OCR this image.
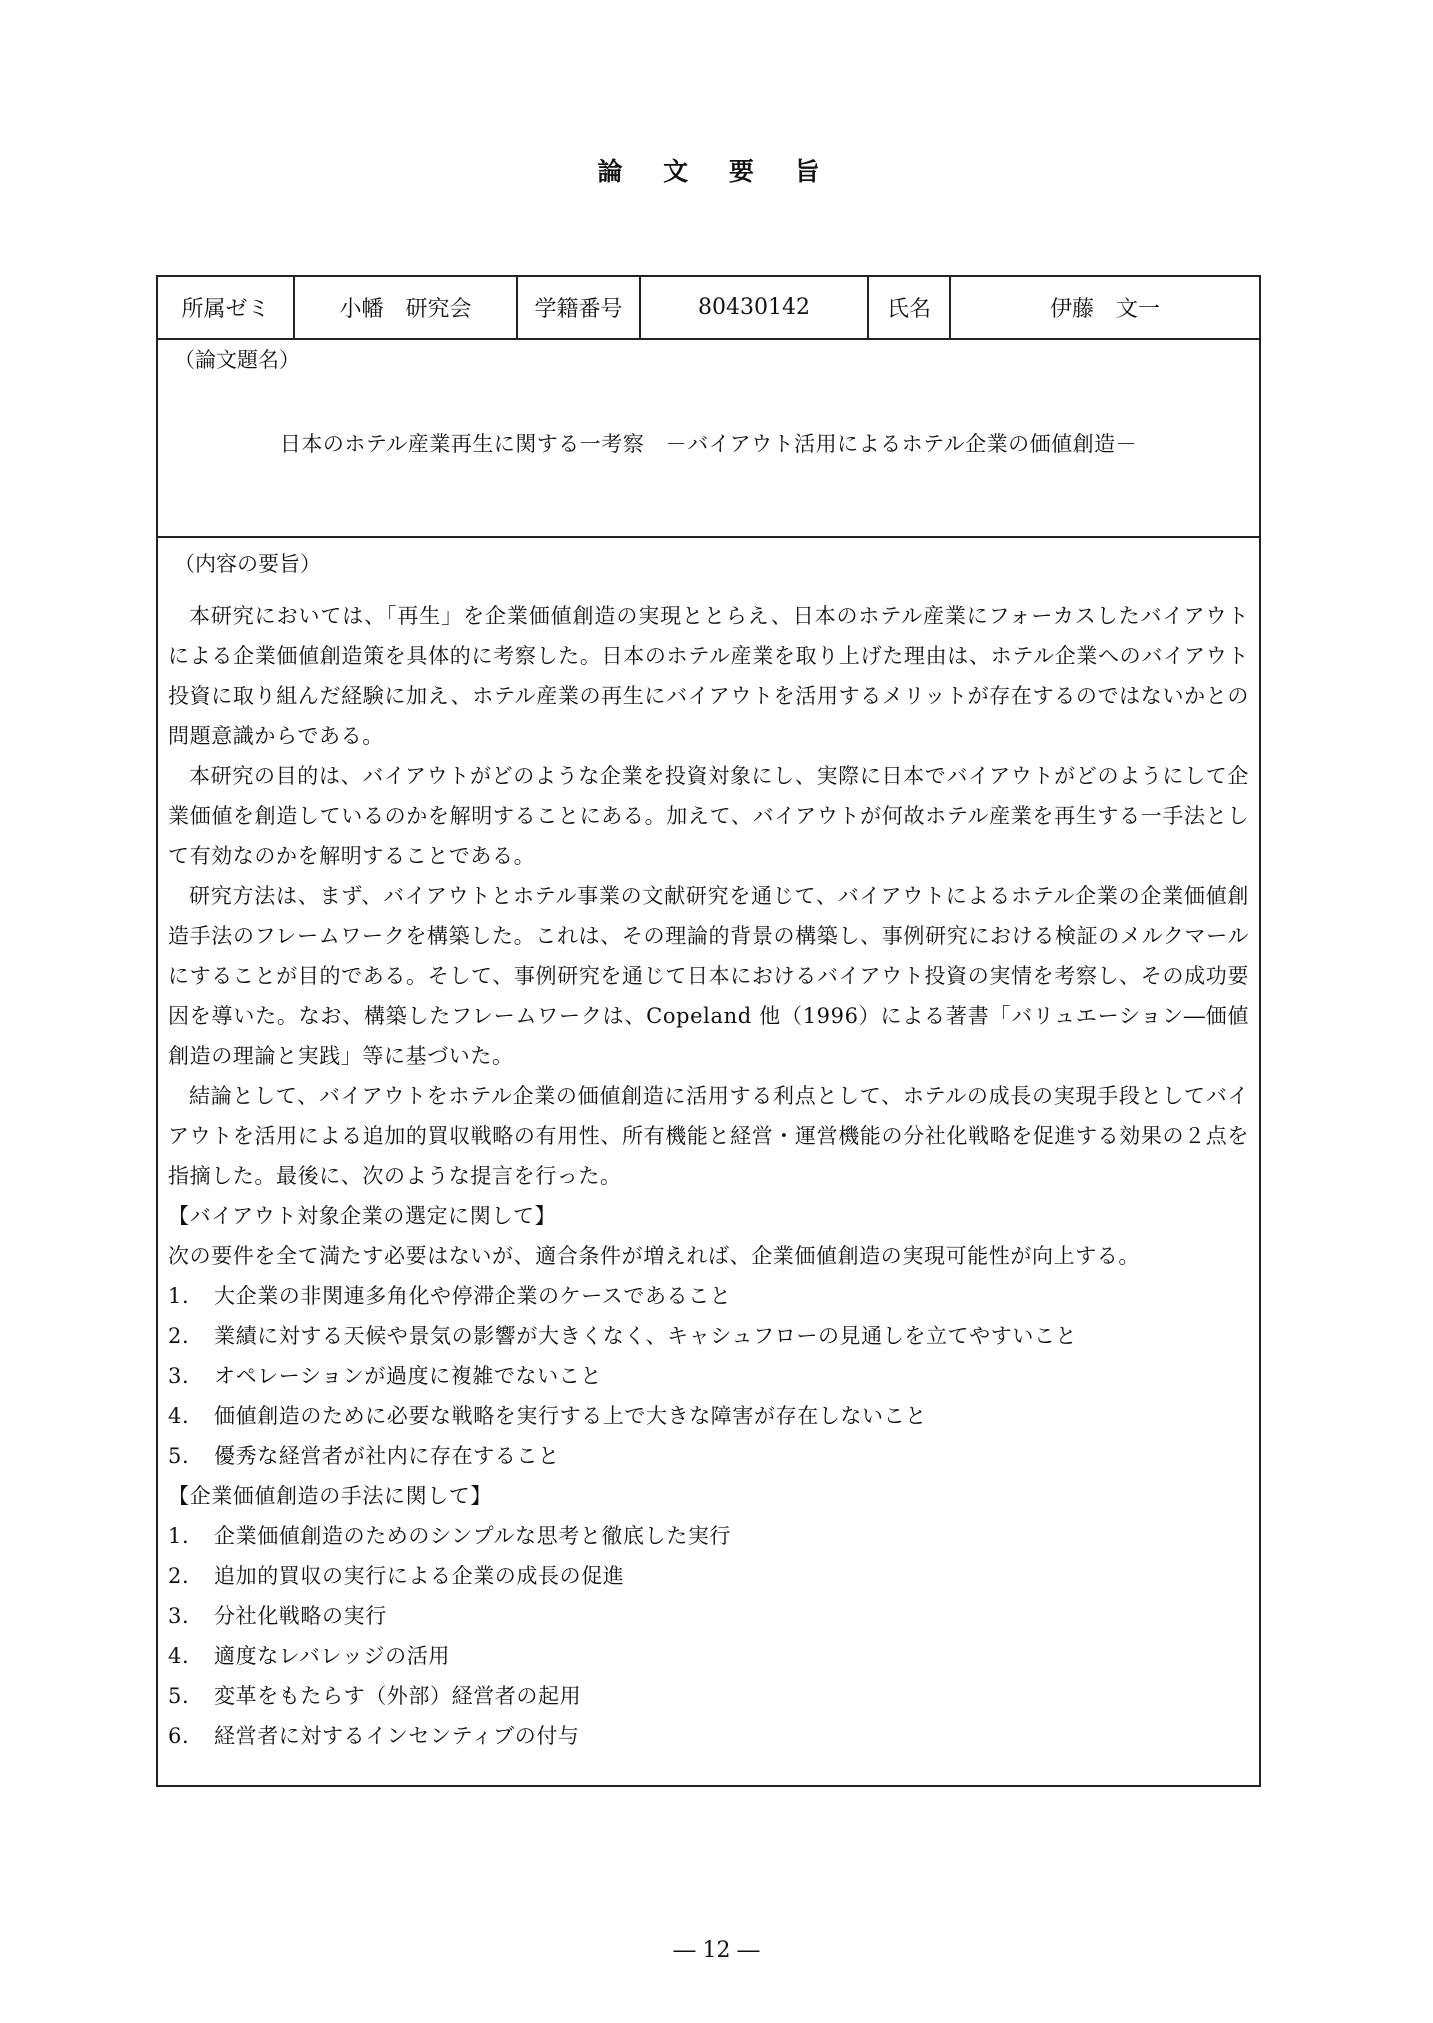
論 文 要 旨
所属ゼミ	小幡　研究会	学籍番号	80430142	氏名	伊藤　文一
（論文題名）
日本のホテル産業再生に関する一考察　－バイアウト活用によるホテル企業の価値創造－
（内容の要旨）

本研究においては、「再生」を企業価値創造の実現ととらえ、日本のホテル産業にフォーカスしたバイアウトによる企業価値創造策を具体的に考察した。日本のホテル産業を取り上げた理由は、ホテル企業へのバイアウト投資に取り組んだ経験に加え、ホテル産業の再生にバイアウトを活用するメリットが存在するのではないかとの問題意識からである。

本研究の目的は、バイアウトがどのような企業を投資対象にし、実際に日本でバイアウトがどのようにして企業価値を創造しているのかを解明することにある。加えて、バイアウトが何故ホテル産業を再生する一手法として有効なのかを解明することである。

研究方法は、まず、バイアウトとホテル事業の文献研究を通じて、バイアウトによるホテル企業の企業価値創造手法のフレームワークを構築した。これは、その理論的背景の構築し、事例研究における検証のメルクマールにすることが目的である。そして、事例研究を通じて日本におけるバイアウト投資の実情を考察し、その成功要因を導いた。なお、構築したフレームワークは、Copeland 他（1996）による著書「バリュエーション―価値創造の理論と実践」等に基づいた。

結論として、バイアウトをホテル企業の価値創造に活用する利点として、ホテルの成長の実現手段としてバイアウトを活用による追加的買収戦略の有用性、所有機能と経営・運営機能の分社化戦略を促進する効果の２点を指摘した。最後に、次のような提言を行った。

【バイアウト対象企業の選定に関して】

次の要件を全て満たす必要はないが、適合条件が増えれば、企業価値創造の実現可能性が向上する。

1.	大企業の非関連多角化や停滞企業のケースであること
2.	業績に対する天候や景気の影響が大きくなく、キャシュフローの見通しを立てやすいこと
3.	オペレーションが過度に複雑でないこと
4.	価値創造のために必要な戦略を実行する上で大きな障害が存在しないこと
5.	優秀な経営者が社内に存在すること

【企業価値創造の手法に関して】

1.	企業価値創造のためのシンプルな思考と徹底した実行
2.	追加的買収の実行による企業の成長の促進
3.	分社化戦略の実行
4.	適度なレバレッジの活用
5.	変革をもたらす（外部）経営者の起用
6.	経営者に対するインセンティブの付与
― 12 ―
